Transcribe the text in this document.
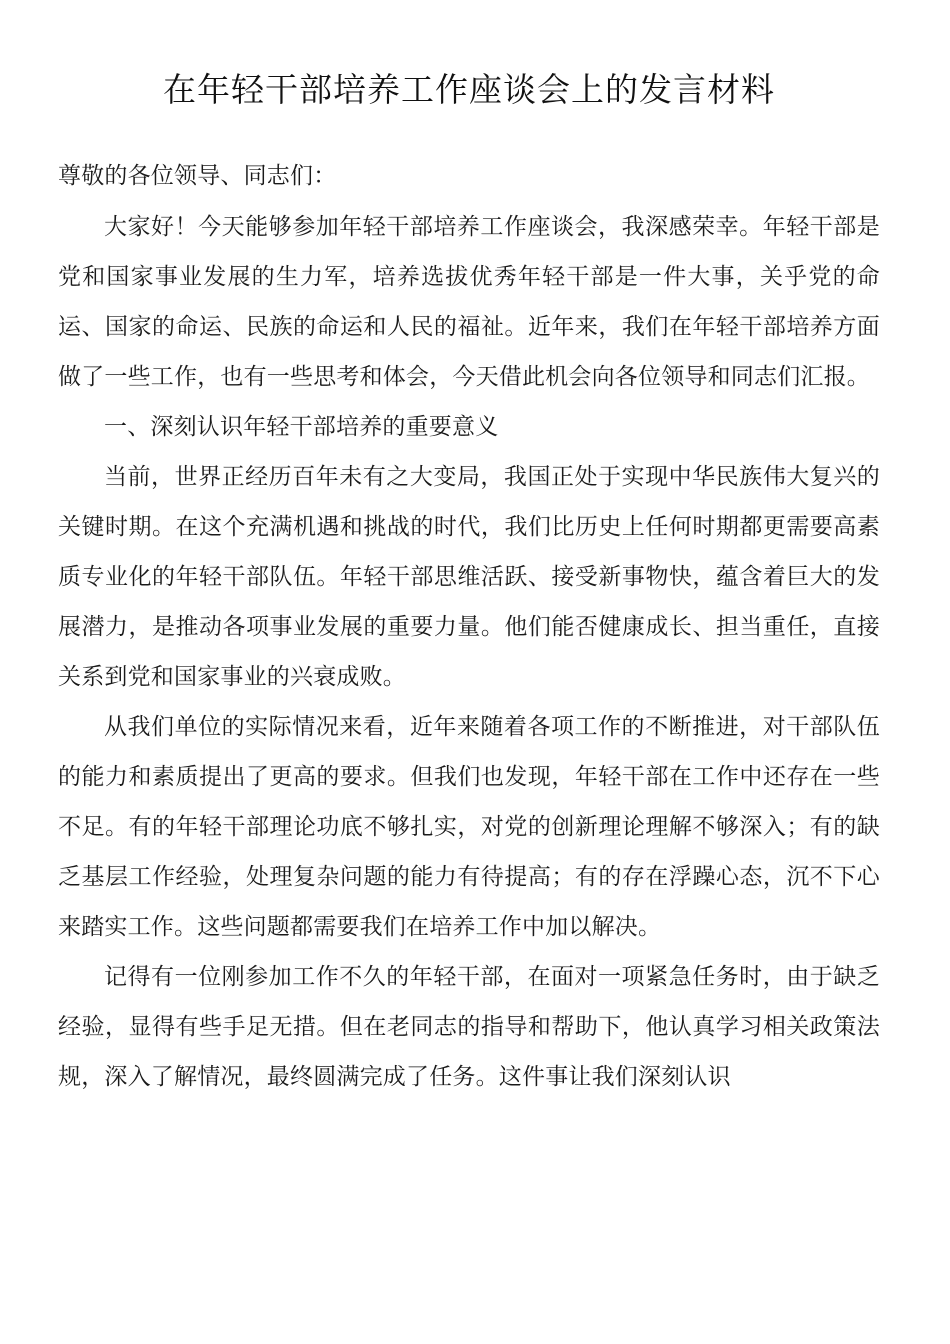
在年轻干部培养工作座谈会上的发言材料

尊敬的各位领导、同志们：

大家好！今天能够参加年轻干部培养工作座谈会，我深感荣幸。年轻干部是党和国家事业发展的生力军，培养选拔优秀年轻干部是一件大事，关乎党的命运、国家的命运、民族的命运和人民的福祉。近年来，我们在年轻干部培养方面做了一些工作，也有一些思考和体会，今天借此机会向各位领导和同志们汇报。

一、深刻认识年轻干部培养的重要意义

当前，世界正经历百年未有之大变局，我国正处于实现中华民族伟大复兴的关键时期。在这个充满机遇和挑战的时代，我们比历史上任何时期都更需要高素质专业化的年轻干部队伍。年轻干部思维活跃、接受新事物快，蕴含着巨大的发展潜力，是推动各项事业发展的重要力量。他们能否健康成长、担当重任，直接关系到党和国家事业的兴衰成败。

从我们单位的实际情况来看，近年来随着各项工作的不断推进，对干部队伍的能力和素质提出了更高的要求。但我们也发现，年轻干部在工作中还存在一些不足。有的年轻干部理论功底不够扎实，对党的创新理论理解不够深入；有的缺乏基层工作经验，处理复杂问题的能力有待提高；有的存在浮躁心态，沉不下心来踏实工作。这些问题都需要我们在培养工作中加以解决。

记得有一位刚参加工作不久的年轻干部，在面对一项紧急任务时，由于缺乏经验，显得有些手足无措。但在老同志的指导和帮助下，他认真学习相关政策法规，深入了解情况，最终圆满完成了任务。这件事让我们深刻认识
